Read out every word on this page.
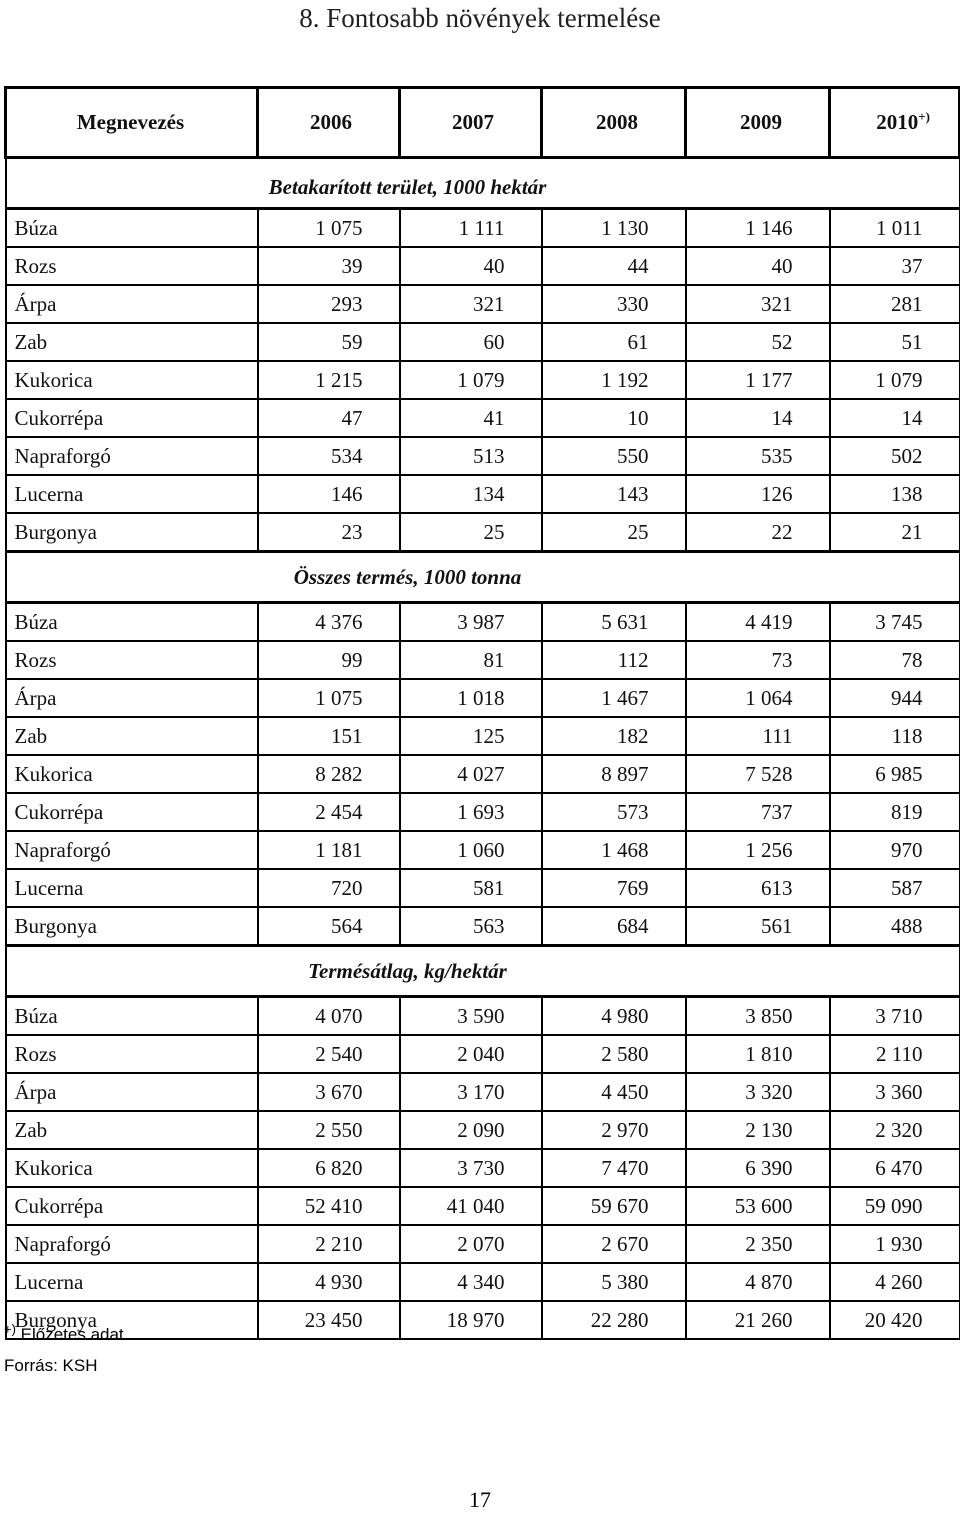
8. Fontosabb növények termelése
Megnevezés	2006	2007	2008	2009	2010+)
Betakarított terület, 1000 hektár					
Búza	1 075	1 111	1 130	1 146	1 011
Rozs	39	40	44	40	37
Árpa	293	321	330	321	281
Zab	59	60	61	52	51
Kukorica	1 215	1 079	1 192	1 177	1 079
Cukorrépa	47	41	10	14	14
Napraforgó	534	513	550	535	502
Lucerna	146	134	143	126	138
Burgonya	23	25	25	22	21
Összes termés, 1000 tonna					
Búza	4 376	3 987	5 631	4 419	3 745
Rozs	99	81	112	73	78
Árpa	1 075	1 018	1 467	1 064	944
Zab	151	125	182	111	118
Kukorica	8 282	4 027	8 897	7 528	6 985
Cukorrépa	2 454	1 693	573	737	819
Napraforgó	1 181	1 060	1 468	1 256	970
Lucerna	720	581	769	613	587
Burgonya	564	563	684	561	488
Termésátlag, kg/hektár					
Búza	4 070	3 590	4 980	3 850	3 710
Rozs	2 540	2 040	2 580	1 810	2 110
Árpa	3 670	3 170	4 450	3 320	3 360
Zab	2 550	2 090	2 970	2 130	2 320
Kukorica	6 820	3 730	7 470	6 390	6 470
Cukorrépa	52 410	41 040	59 670	53 600	59 090
Napraforgó	2 210	2 070	2 670	2 350	1 930
Lucerna	4 930	4 340	5 380	4 870	4 260
Burgonya	23 450	18 970	22 280	21 260	20 420
+) Előzetes adat.
Forrás: KSH
17
